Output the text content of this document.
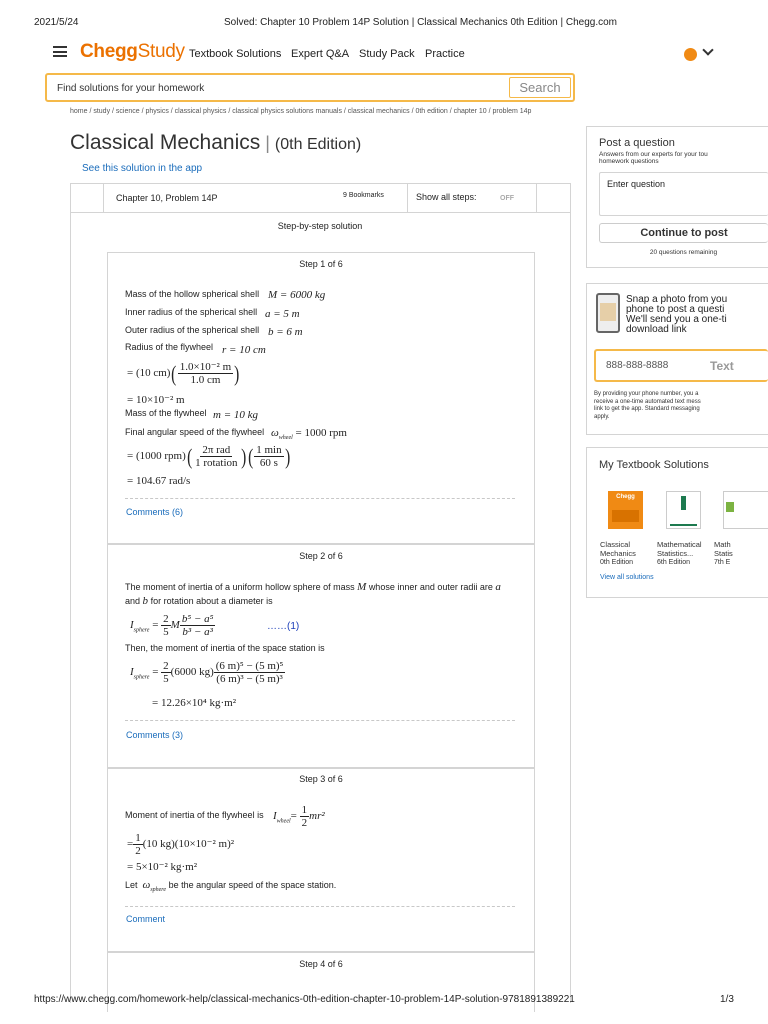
2021/5/24	Solved: Chapter 10 Problem 14P Solution | Classical Mechanics 0th Edition | Chegg.com
CheggStudy Textbook Solutions Expert Q&A Study Pack Practice
Find solutions for your homework
Search
home / study / science / physics / classical physics / classical physics solutions manuals / classical mechanics / 0th edition / chapter 10 / problem 14p
Classical Mechanics | (0th Edition)
See this solution in the app
Chapter 10, Problem 14P	9 Bookmarks	Show all steps:	OFF
Step-by-step solution
Step 1 of 6
Mass of the hollow spherical shell M = 6000 kg
Inner radius of the spherical shell a = 5 m
Outer radius of the spherical shell b = 6 m
Radius of the flywheel r = 10 cm
= (10 $cm)( \frac{\text{1.0×10⁻² m}}{1.0 cm}$ )
= 10×10⁻² m
Mass of the flywheel m = 10 kg
Final angular speed of the flywheel $\omega_{wheel} = 1000$ rpm
= (1000 $rpm)( \frac{\text{2π rad}}{\text{1 rotation}}$ )( $\frac{1 \min}{60 s}$ )
= 104.67 rad/s
Comments (6)
Step 2 of 6
The moment of inertia of a uniform hollow sphere of mass M whose inner and outer radii are a
and b for rotation about a diameter is
$I_{sphere} = \frac{2}{5}$ M $\frac{\text{b⁵ − a⁵}}{\text{b³ − a³}}$	……(1)
Then, the moment of inertia of the space station is
$I_{sphere} = \frac{2}{5} (6000$ $kg) \frac{\text{(6 m)⁵ − (5 m)⁵}}{\text{(6 m)³ − (5 m)³}}$
= 12.26×10⁴ kg·m²
Comments (3)
Step 3 of 6
Moment of inertia of the flywheel is $I_{wheel}= \frac{1}{2} mr^2$
= $\frac{1}{2} (10$ kg)(10×10⁻² m)²
= 5×10⁻² kg·m²
Let $\omega_{sphere}$ be the angular speed of the space station.
Comment
Step 4 of 6
Post a question
Answers from our experts for your tou
homework questions
Enter question
Continue to post
20 questions remaining
Snap a photo from you
phone to post a questi
We'll send you a one-ti
download link
888-888-8888	Text
By providing your phone number, you a
receive a one-time automated text mess
link to get the app. Standard messaging
apply.
My Textbook Solutions
Chegg
Classical
Mechanics
0th Edition
Mathematical
Statistics...
6th Edition
Math
Statis
7th E
View all solutions
https://www.chegg.com/homework-help/classical-mechanics-0th-edition-chapter-10-problem-14P-solution-9781891389221	1/3
